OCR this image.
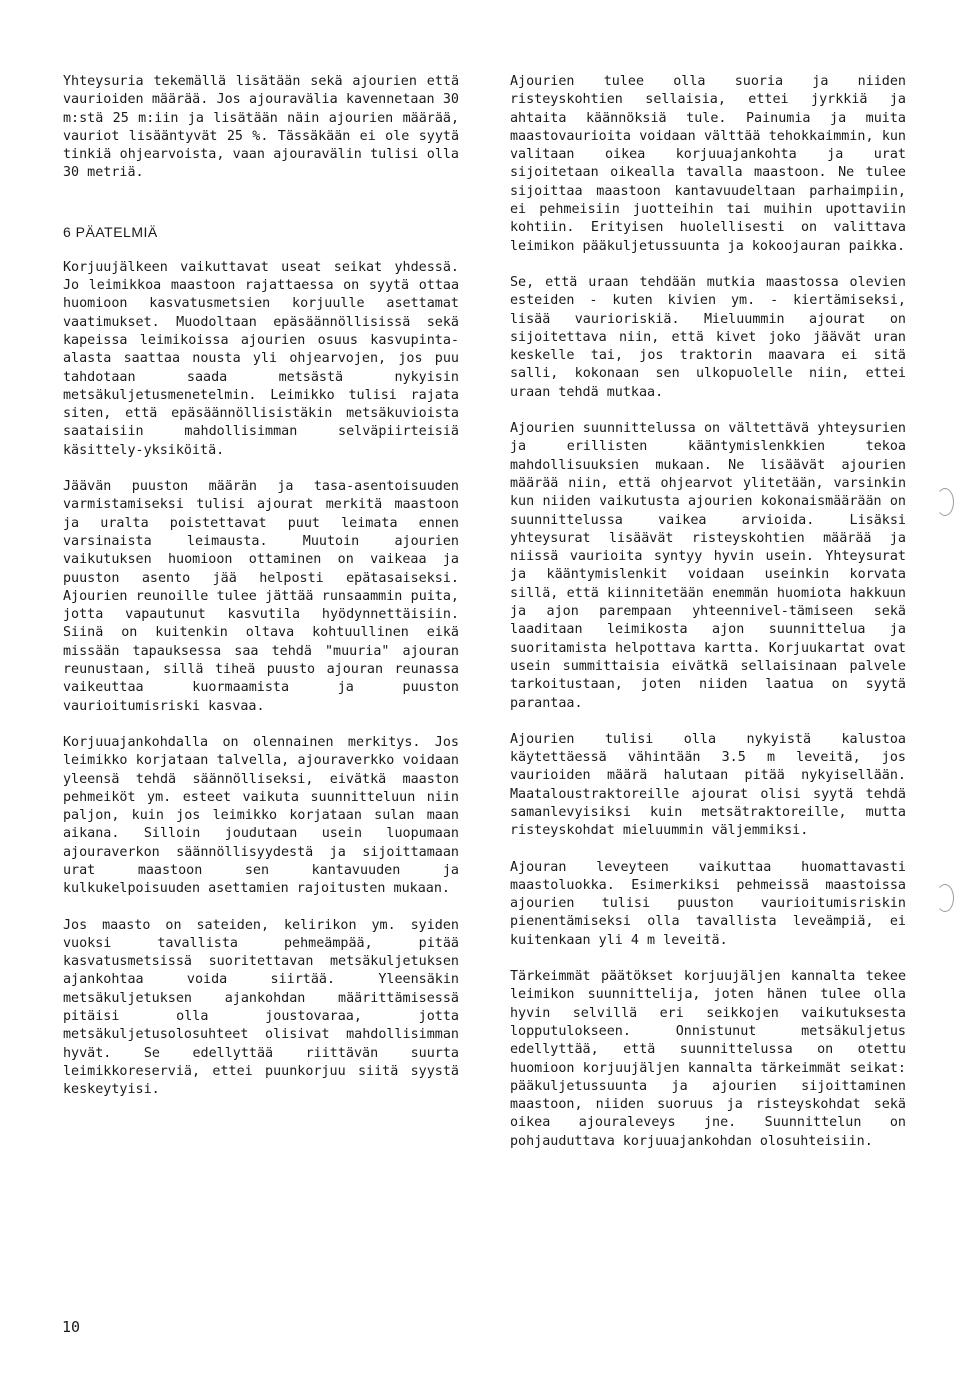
Yhteysuria tekemällä lisätään sekä ajourien että vaurioiden määrää. Jos ajouravälia kavennetaan 30 m:stä 25 m:iin ja lisätään näin ajourien määrää, vauriot lisääntyvät 25 %. Tässäkään ei ole syytä tinkiä ohjearvoista, vaan ajouravälin tulisi olla 30 metriä.

6 PÄATELMIÄ

Korjuujälkeen vaikuttavat useat seikat yhdessä. Jo leimikkoa maastoon rajattaessa on syytä ottaa huomioon kasvatusmetsien korjuulle asettamat vaatimukset. Muodoltaan epäsäännöllisissä sekä kapeissa leimikoissa ajourien osuus kasvupinta-alasta saattaa nousta yli ohjearvojen, jos puu tahdotaan saada metsästä nykyisin metsäkuljetusmenetelmin. Leimikko tulisi rajata siten, että epäsäännöllisistäkin metsäkuvioista saataisiin mahdollisimman selväpiirteisiä käsittely-yksiköitä.

Jäävän puuston määrän ja tasa-asentoisuuden varmistamiseksi tulisi ajourat merkitä maastoon ja uralta poistettavat puut leimata ennen varsinaista leimausta. Muutoin ajourien vaikutuksen huomioon ottaminen on vaikeaa ja puuston asento jää helposti epätasaiseksi. Ajourien reunoille tulee jättää runsaammin puita, jotta vapautunut kasvutila hyödynnettäisiin. Siinä on kuitenkin oltava kohtuullinen eikä missään tapauksessa saa tehdä "muuria" ajouran reunustaan, sillä tiheä puusto ajouran reunassa vaikeuttaa kuormaamista ja puuston vaurioitumisriski kasvaa.

Korjuuajankohdalla on olennainen merkitys. Jos leimikko korjataan talvella, ajouraverkko voidaan yleensä tehdä säännölliseksi, eivätkä maaston pehmeiköt ym. esteet vaikuta suunnitteluun niin paljon, kuin jos leimikko korjataan sulan maan aikana. Silloin joudutaan usein luopumaan ajouraverkon säännöllisyydestä ja sijoittamaan urat maastoon sen kantavuuden ja kulkukelpoisuuden asettamien rajoitusten mukaan.

Jos maasto on sateiden, kelirikon ym. syiden vuoksi tavallista pehmeämpää, pitää kasvatusmetsissä suoritettavan metsäkuljetuksen ajankohtaa voida siirtää. Yleensäkin metsäkuljetuksen ajankohdan määrittämisessä pitäisi olla joustovaraa, jotta metsäkuljetusolosuhteet olisivat mahdollisimman hyvät. Se edellyttää riittävän suurta leimikkoreserviä, ettei puunkorjuu siitä syystä keskeytyisi.

Ajourien tulee olla suoria ja niiden risteyskohtien sellaisia, ettei jyrkkiä ja ahtaita käännöksiä tule. Painumia ja muita maastovaurioita voidaan välttää tehokkaimmin, kun valitaan oikea korjuuajankohta ja urat sijoitetaan oikealla tavalla maastoon. Ne tulee sijoittaa maastoon kantavuudeltaan parhaimpiin, ei pehmeisiin juotteihin tai muihin upottaviin kohtiin. Erityisen huolellisesti on valittava leimikon pääkuljetussuunta ja kokoojauran paikka.

Se, että uraan tehdään mutkia maastossa olevien esteiden - kuten kivien ym. - kiertämiseksi, lisää vaurioriskiä. Mieluummin ajourat on sijoitettava niin, että kivet joko jäävät uran keskelle tai, jos traktorin maavara ei sitä salli, kokonaan sen ulkopuolelle niin, ettei uraan tehdä mutkaa.

Ajourien suunnittelussa on vältettävä yhteysurien ja erillisten kääntymislenkkien tekoa mahdollisuuksien mukaan. Ne lisäävät ajourien määrää niin, että ohjearvot ylitetään, varsinkin kun niiden vaikutusta ajourien kokonaismäärään on suunnittelussa vaikea arvioida. Lisäksi yhteysurat lisäävät risteyskohtien määrää ja niissä vaurioita syntyy hyvin usein. Yhteysurat ja kääntymislenkit voidaan useinkin korvata sillä, että kiinnitetään enemmän huomiota hakkuun ja ajon parempaan yhteennivel-tämiseen sekä laaditaan leimikosta ajon suunnittelua ja suoritamista helpottava kartta. Korjuukartat ovat usein summittaisia eivätkä sellaisinaan palvele tarkoitustaan, joten niiden laatua on syytä parantaa.

Ajourien tulisi olla nykyistä kalustoa käytettäessä vähintään 3.5 m leveitä, jos vaurioiden määrä halutaan pitää nykyisellään. Maataloustraktoreille ajourat olisi syytä tehdä samanlevyisiksi kuin metsätraktoreille, mutta risteyskohdat mieluummin väljemmiksi.

Ajouran leveyteen vaikuttaa huomattavasti maastoluokka. Esimerkiksi pehmeissä maastoissa ajourien tulisi puuston vaurioitumisriskin pienentämiseksi olla tavallista leveämpiä, ei kuitenkaan yli 4 m leveitä.

Tärkeimmät päätökset korjuujäljen kannalta tekee leimikon suunnittelija, joten hänen tulee olla hyvin selvillä eri seikkojen vaikutuksesta lopputulokseen. Onnistunut metsäkuljetus edellyttää, että suunnittelussa on otettu huomioon korjuujäljen kannalta tärkeimmät seikat: pääkuljetussuunta ja ajourien sijoittaminen maastoon, niiden suoruus ja risteyskohdat sekä oikea ajouraleveys jne. Suunnittelun on pohjauduttava korjuuajankohdan olosuhteisiin.

10
